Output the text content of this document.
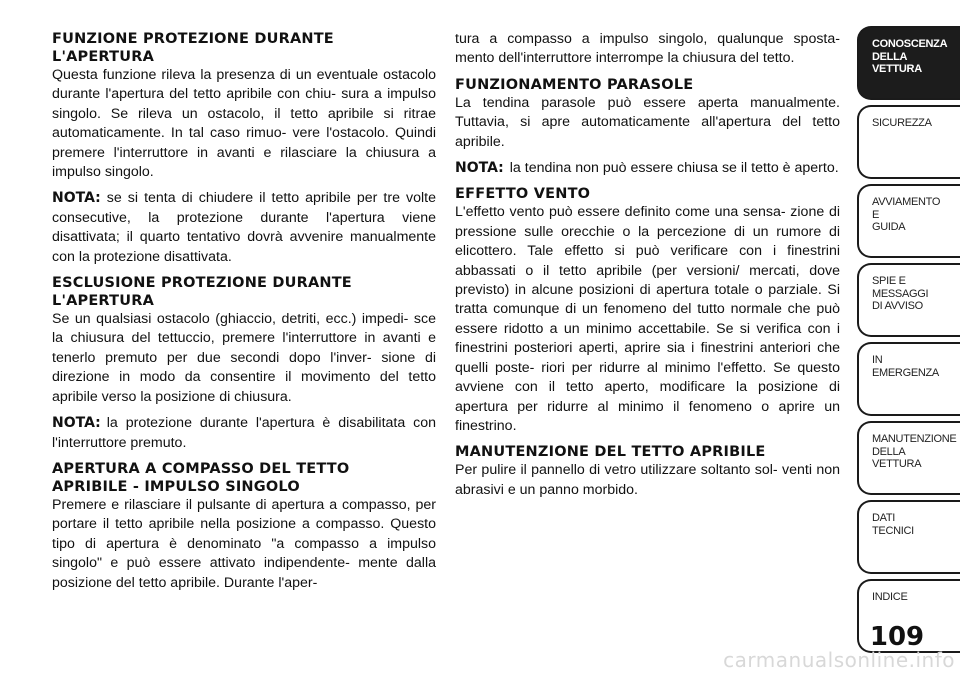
FUNZIONE PROTEZIONE DURANTE
L'APERTURA

Questa funzione rileva la presenza di un eventuale ostacolo durante l'apertura del tetto apribile con chiu- sura a impulso singolo. Se rileva un ostacolo, il tetto apribile si ritrae automaticamente. In tal caso rimuo- vere l'ostacolo. Quindi premere l'interruttore in avanti e rilasciare la chiusura a impulso singolo.

NOTA: se si tenta di chiudere il tetto apribile per tre volte consecutive, la protezione durante l'apertura viene disattivata; il quarto tentativo dovrà avvenire manualmente con la protezione disattivata.

ESCLUSIONE PROTEZIONE DURANTE
L'APERTURA

Se un qualsiasi ostacolo (ghiaccio, detriti, ecc.) impedi- sce la chiusura del tettuccio, premere l'interruttore in avanti e tenerlo premuto per due secondi dopo l'inver- sione di direzione in modo da consentire il movimento del tetto apribile verso la posizione di chiusura.

NOTA: la protezione durante l'apertura è disabilitata con l'interruttore premuto.

APERTURA A COMPASSO DEL TETTO
APRIBILE - IMPULSO SINGOLO

Premere e rilasciare il pulsante di apertura a compasso, per portare il tetto apribile nella posizione a compasso. Questo tipo di apertura è denominato "a compasso a impulso singolo" e può essere attivato indipendente- mente dalla posizione del tetto apribile. Durante l'aper-

tura a compasso a impulso singolo, qualunque sposta- mento dell'interruttore interrompe la chiusura del tetto.

FUNZIONAMENTO PARASOLE

La tendina parasole può essere aperta manualmente. Tuttavia, si apre automaticamente all'apertura del tetto apribile.

NOTA: la tendina non può essere chiusa se il tetto è aperto.

EFFETTO VENTO

L'effetto vento può essere definito come una sensa- zione di pressione sulle orecchie o la percezione di un rumore di elicottero. Tale effetto si può verificare con i finestrini abbassati o il tetto apribile (per versioni/ mercati, dove previsto) in alcune posizioni di apertura totale o parziale. Si tratta comunque di un fenomeno del tutto normale che può essere ridotto a un minimo accettabile. Se si verifica con i finestrini posteriori aperti, aprire sia i finestrini anteriori che quelli poste- riori per ridurre al minimo l'effetto. Se questo avviene con il tetto aperto, modificare la posizione di apertura per ridurre al minimo il fenomeno o aprire un finestrino.

MANUTENZIONE DEL TETTO APRIBILE

Per pulire il pannello di vetro utilizzare soltanto sol- venti non abrasivi e un panno morbido.

CONOSCENZA
DELLA
VETTURA
SICUREZZA
AVVIAMENTO
E
GUIDA
SPIE E
MESSAGGI
DI AVVISO
IN
EMERGENZA
MANUTENZIONE
DELLA
VETTURA
DATI
TECNICI
INDICE
109
carmanualsonline.info
